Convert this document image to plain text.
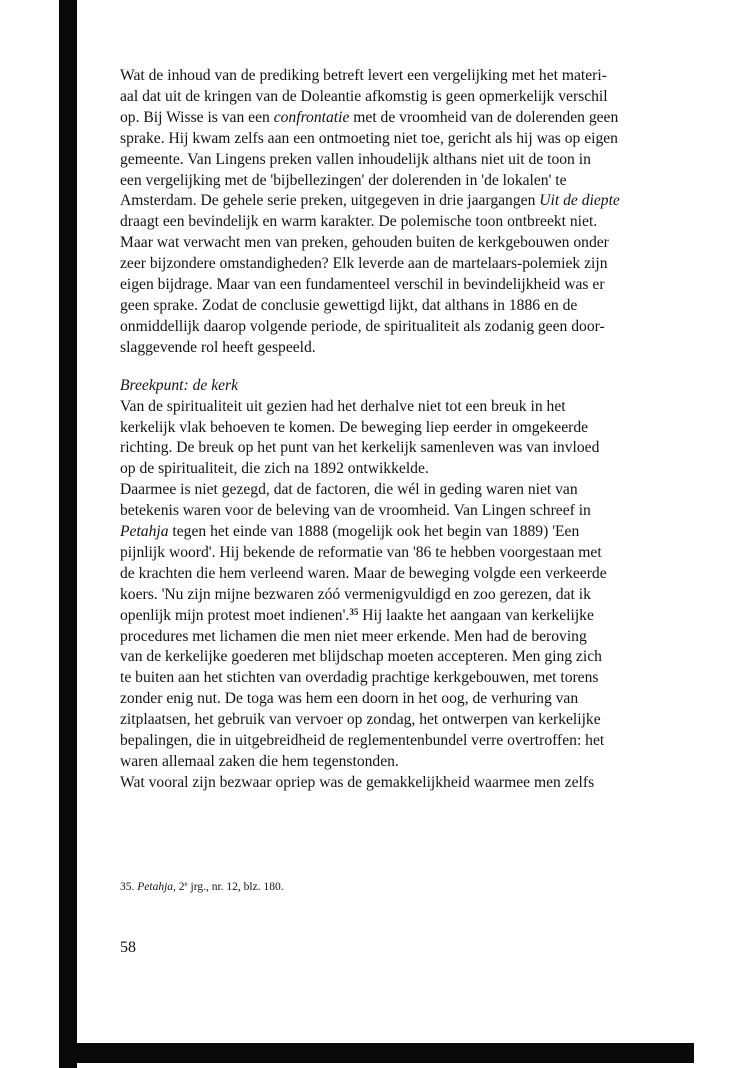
Wat de inhoud van de prediking betreft levert een vergelijking met het materi-
aal dat uit de kringen van de Doleantie afkomstig is geen opmerkelijk verschil
op. Bij Wisse is van een confrontatie met de vroomheid van de dolerenden geen
sprake. Hij kwam zelfs aan een ontmoeting niet toe, gericht als hij was op eigen
gemeente. Van Lingens preken vallen inhoudelijk althans niet uit de toon in
een vergelijking met de 'bijbellezingen' der dolerenden in 'de lokalen' te
Amsterdam. De gehele serie preken, uitgegeven in drie jaargangen Uit de diepte
draagt een bevindelijk en warm karakter. De polemische toon ontbreekt niet.
Maar wat verwacht men van preken, gehouden buiten de kerkgebouwen onder
zeer bijzondere omstandigheden? Elk leverde aan de martelaars-polemiek zijn
eigen bijdrage. Maar van een fundamenteel verschil in bevindelijkheid was er
geen sprake. Zodat de conclusie gewettigd lijkt, dat althans in 1886 en de
onmiddellijk daarop volgende periode, de spiritualiteit als zodanig geen door-
slaggevende rol heeft gespeeld.

Breekpunt: de kerk

Van de spiritualiteit uit gezien had het derhalve niet tot een breuk in het
kerkelijk vlak behoeven te komen. De beweging liep eerder in omgekeerde
richting. De breuk op het punt van het kerkelijk samenleven was van invloed
op de spiritualiteit, die zich na 1892 ontwikkelde.

Daarmee is niet gezegd, dat de factoren, die wél in geding waren niet van
betekenis waren voor de beleving van de vroomheid. Van Lingen schreef in
Petahja tegen het einde van 1888 (mogelijk ook het begin van 1889) 'Een
pijnlijk woord'. Hij bekende de reformatie van '86 te hebben voorgestaan met
de krachten die hem verleend waren. Maar de beweging volgde een verkeerde
koers. 'Nu zijn mijne bezwaren zóó vermenigvuldigd en zoo gerezen, dat ik
openlijk mijn protest moet indienen'.$^{35}$ Hij laakte het aangaan van kerkelijke
procedures met lichamen die men niet meer erkende. Men had de beroving
van de kerkelijke goederen met blijdschap moeten accepteren. Men ging zich
te buiten aan het stichten van overdadig prachtige kerkgebouwen, met torens
zonder enig nut. De toga was hem een doorn in het oog, de verhuring van
zitplaatsen, het gebruik van vervoer op zondag, het ontwerpen van kerkelijke
bepalingen, die in uitgebreidheid de reglementenbundel verre overtroffen: het
waren allemaal zaken die hem tegenstonden.

Wat vooral zijn bezwaar opriep was de gemakkelijkheid waarmee men zelfs

35. Petahja, 2e jrg., nr. 12, blz. 180.
58
